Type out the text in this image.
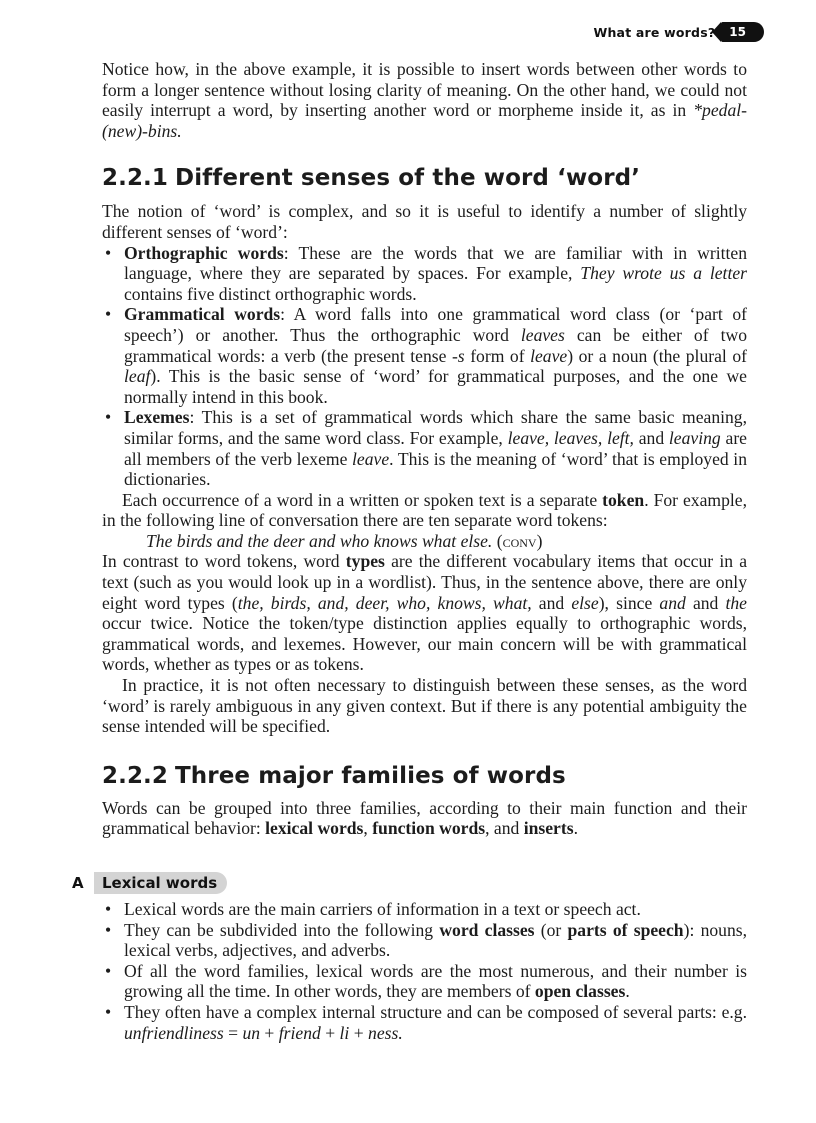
What are words?	15

Notice how, in the above example, it is possible to insert words between other words to form a longer sentence without losing clarity of meaning. On the other hand, we could not easily interrupt a word, by inserting another word or morpheme inside it, as in *pedal-(new)-bins.

2.2.1 Different senses of the word ‘word’

The notion of ‘word’ is complex, and so it is useful to identify a number of slightly different senses of ‘word’:

• Orthographic words: These are the words that we are familiar with in written language, where they are separated by spaces. For example, They wrote us a letter contains five distinct orthographic words.
• Grammatical words: A word falls into one grammatical word class (or ‘part of speech’) or another. Thus the orthographic word leaves can be either of two grammatical words: a verb (the present tense -s form of leave) or a noun (the plural of leaf). This is the basic sense of ‘word’ for grammatical purposes, and the one we normally intend in this book.
• Lexemes: This is a set of grammatical words which share the same basic meaning, similar forms, and the same word class. For example, leave, leaves, left, and leaving are all members of the verb lexeme leave. This is the meaning of ‘word’ that is employed in dictionaries.

Each occurrence of a word in a written or spoken text is a separate token. For example, in the following line of conversation there are ten separate word tokens:

The birds and the deer and who knows what else. (conv)

In contrast to word tokens, word types are the different vocabulary items that occur in a text (such as you would look up in a wordlist). Thus, in the sentence above, there are only eight word types (the, birds, and, deer, who, knows, what, and else), since and and the occur twice. Notice the token/type distinction applies equally to orthographic words, grammatical words, and lexemes. However, our main concern will be with grammatical words, whether as types or as tokens.

In practice, it is not often necessary to distinguish between these senses, as the word ‘word’ is rarely ambiguous in any given context. But if there is any potential ambiguity the sense intended will be specified.

2.2.2 Three major families of words

Words can be grouped into three families, according to their main function and their grammatical behavior: lexical words, function words, and inserts.

• Lexical words are the main carriers of information in a text or speech act.
• They can be subdivided into the following word classes (or parts of speech): nouns, lexical verbs, adjectives, and adverbs.
• Of all the word families, lexical words are the most numerous, and their number is growing all the time. In other words, they are members of open classes.
• They often have a complex internal structure and can be composed of several parts: e.g. unfriendliness = un + friend + li + ness.
A	Lexical words
